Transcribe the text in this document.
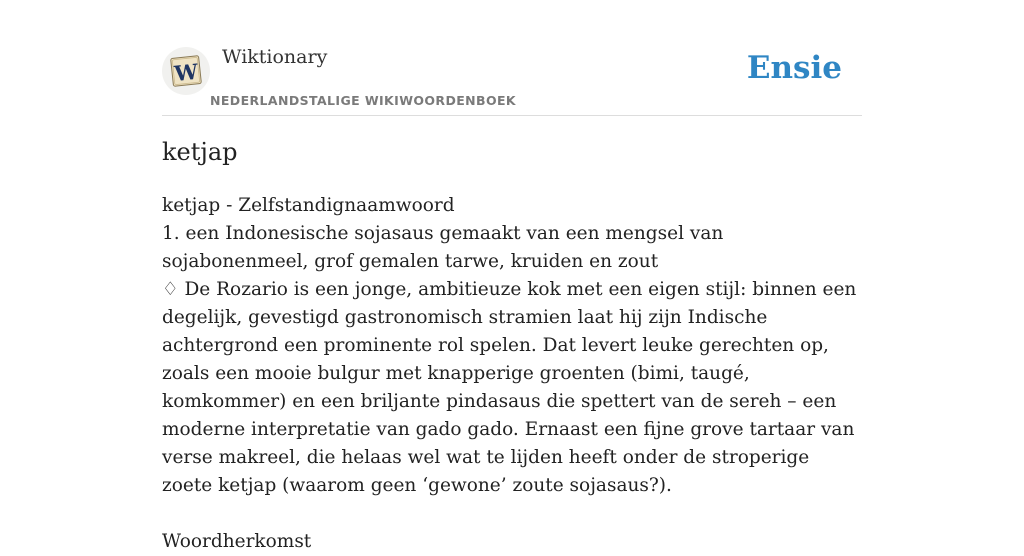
W
Wiktionary
NEDERLANDSTALIGE WIKIWOORDENBOEK
Ensie
ketjap

ketjap - Zelfstandignaamwoord

1. een Indonesische sojasaus gemaakt van een mengsel van sojabonenmeel, grof gemalen tarwe, kruiden en zout

♢ De Rozario is een jonge, ambitieuze kok met een eigen stijl: binnen een degelijk, gevestigd gastronomisch stramien laat hij zijn Indische achtergrond een prominente rol spelen. Dat levert leuke gerechten op, zoals een mooie bulgur met knapperige groenten (bimi, taugé, komkommer) en een briljante pindasaus die spettert van de sereh – een moderne interpretatie van gado gado. Ernaast een fijne grove tartaar van verse makreel, die helaas wel wat te lijden heeft onder de stroperige zoete ketjap (waarom geen ‘gewone’ zoute sojasaus?).

Woordherkomst
